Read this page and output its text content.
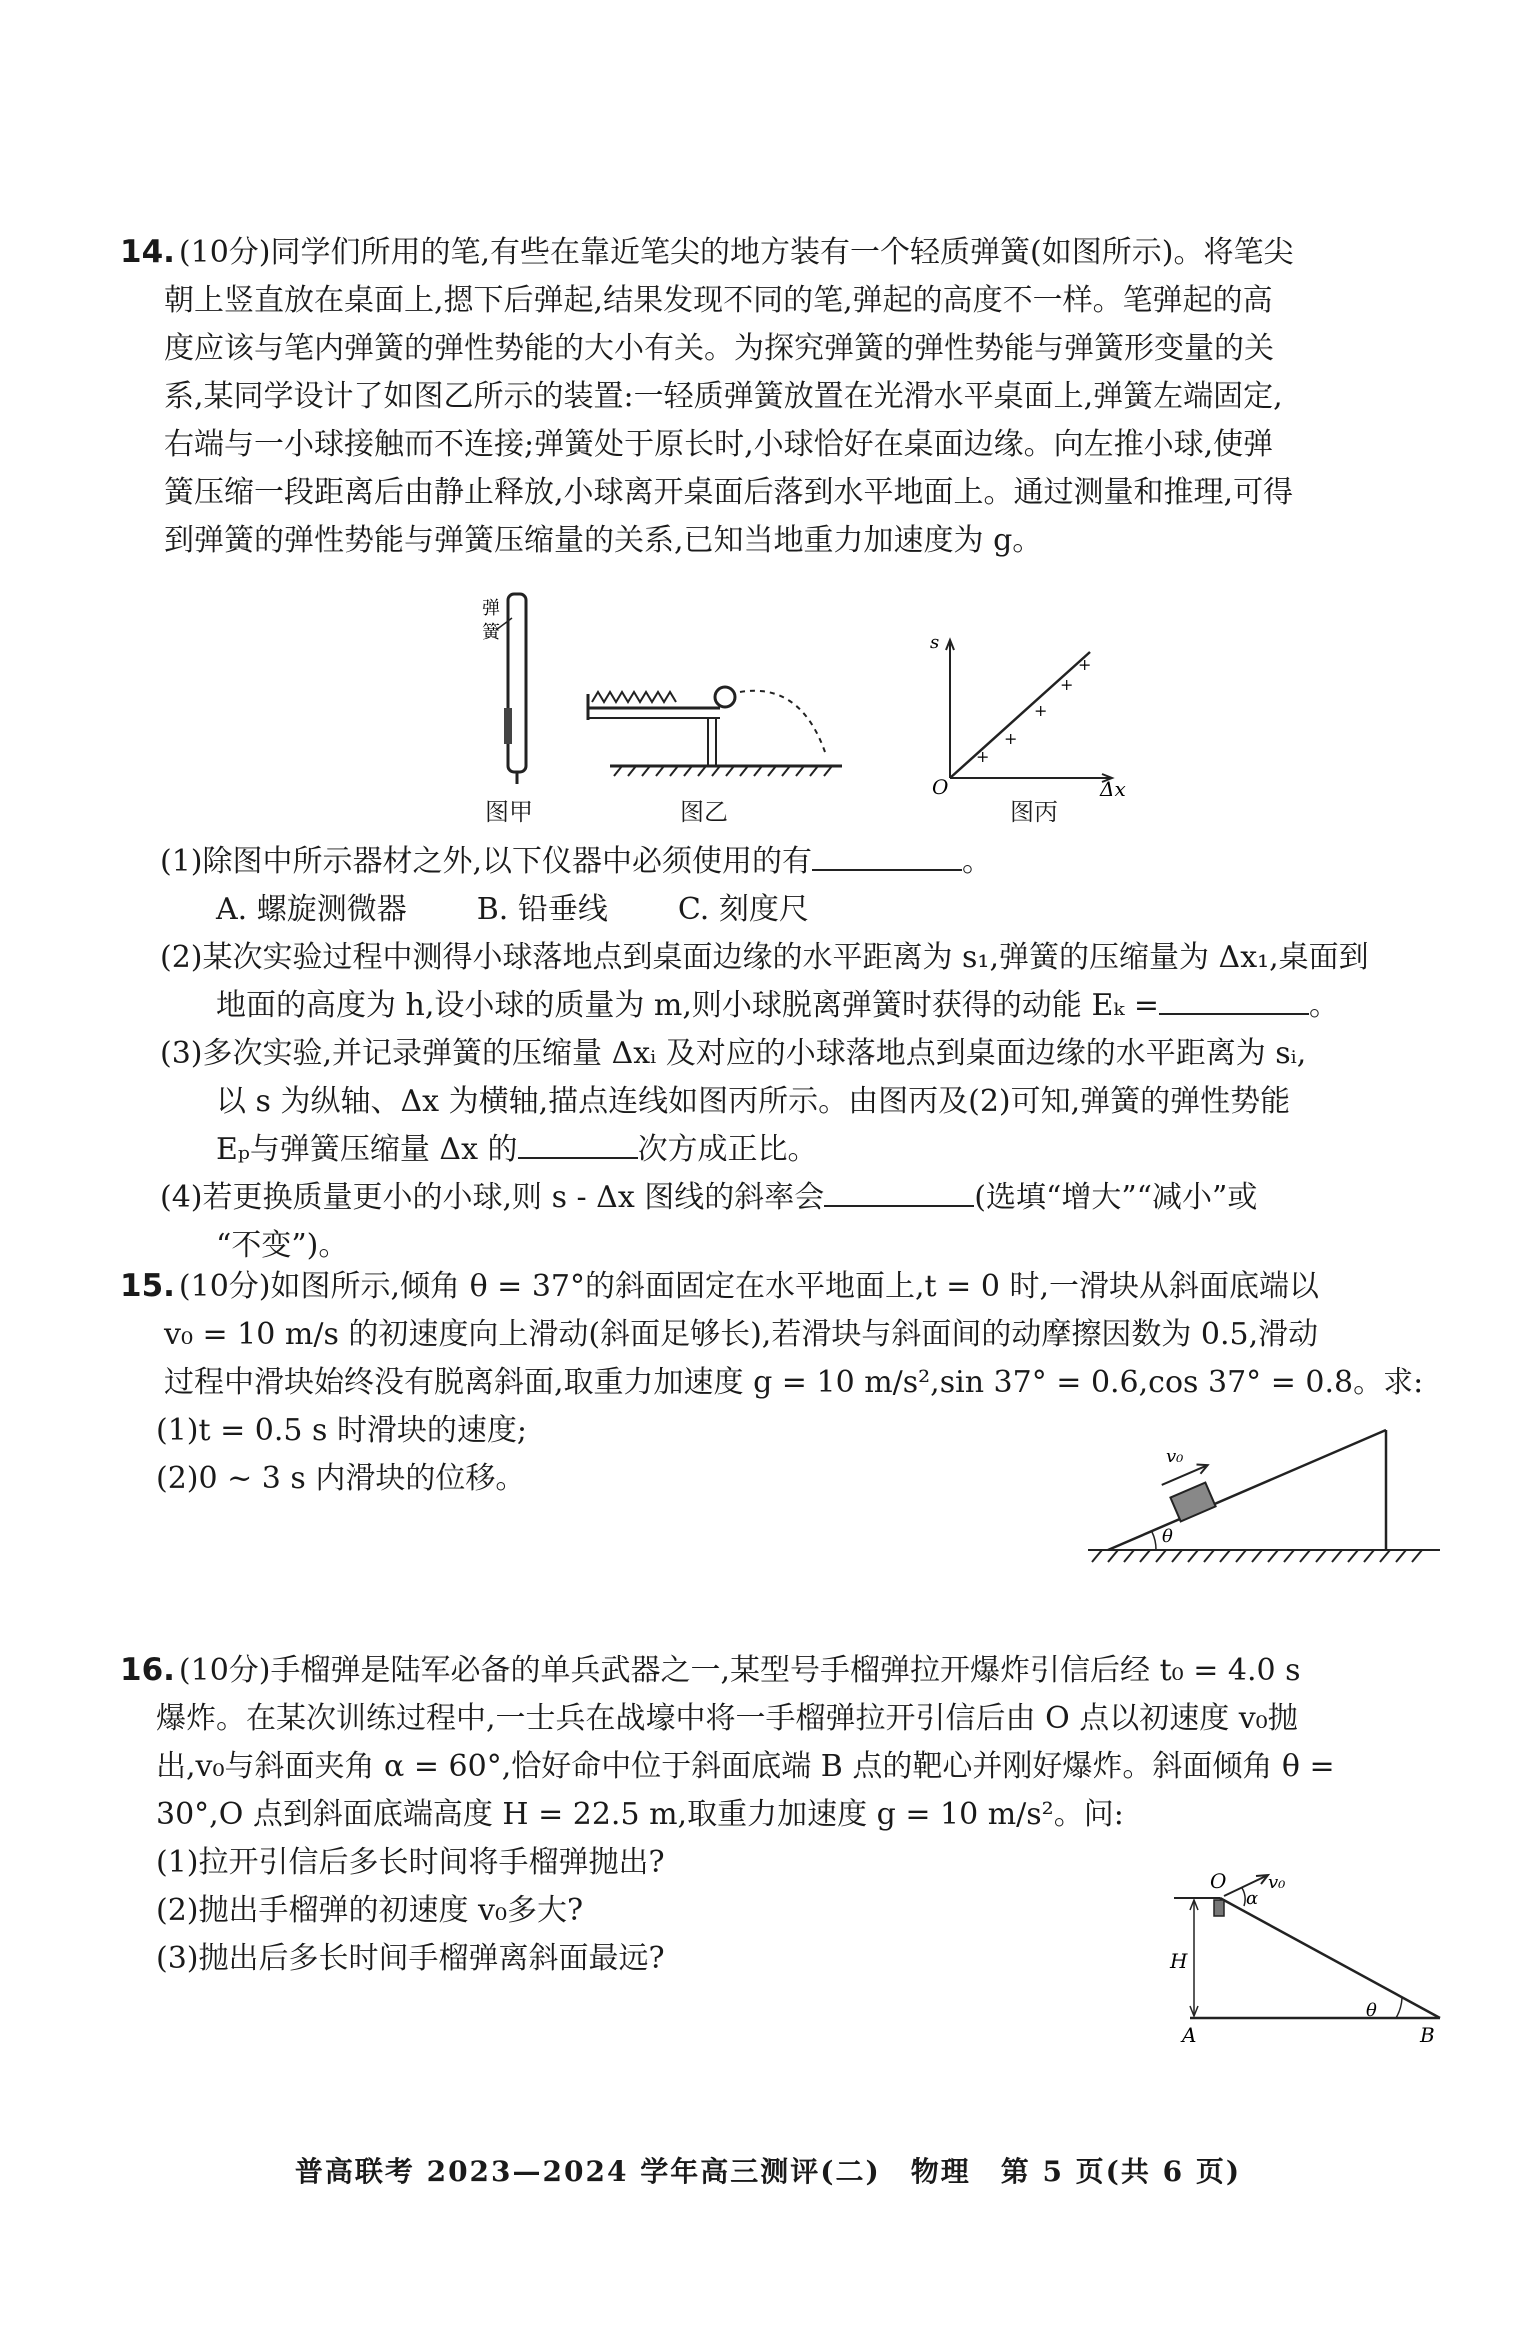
14. (10分)同学们所用的笔,有些在靠近笔尖的地方装有一个轻质弹簧(如图所示)。将笔尖
朝上竖直放在桌面上,摁下后弹起,结果发现不同的笔,弹起的高度不一样。笔弹起的高
度应该与笔内弹簧的弹性势能的大小有关。为探究弹簧的弹性势能与弹簧形变量的关
系,某同学设计了如图乙所示的装置:一轻质弹簧放置在光滑水平桌面上,弹簧左端固定,
右端与一小球接触而不连接;弹簧处于原长时,小球恰好在桌面边缘。向左推小球,使弹
簧压缩一段距离后由静止释放,小球离开桌面后落到水平地面上。通过测量和推理,可得
到弹簧的弹性势能与弹簧压缩量的关系,已知当地重力加速度为 g。
弹
簧
图甲	图乙
+
+
+
+
+
s
O	Δx
图丙
(1)除图中所示器材之外,以下仪器中必须使用的有	。
A. 螺旋测微器 B. 铅垂线 C. 刻度尺
(2)某次实验过程中测得小球落地点到桌面边缘的水平距离为 s₁,弹簧的压缩量为 Δx₁,桌面到
地面的高度为 h,设小球的质量为 m,则小球脱离弹簧时获得的动能 Eₖ =	。
(3)多次实验,并记录弹簧的压缩量 Δxᵢ 及对应的小球落地点到桌面边缘的水平距离为 sᵢ,
以 s 为纵轴、Δx 为横轴,描点连线如图丙所示。由图丙及(2)可知,弹簧的弹性势能
Eₚ与弹簧压缩量 Δx 的	次方成正比。
(4)若更换质量更小的小球,则 s - Δx 图线的斜率会	(选填“增大”“减小”或
“不变”)。
15. (10分)如图所示,倾角 θ = 37°的斜面固定在水平地面上,t = 0 时,一滑块从斜面底端以
v₀ = 10 m/s 的初速度向上滑动(斜面足够长),若滑块与斜面间的动摩擦因数为 0.5,滑动
过程中滑块始终没有脱离斜面,取重力加速度 g = 10 m/s²,sin 37° = 0.6,cos 37° = 0.8。求:
(1)t = 0.5 s 时滑块的速度;
(2)0 ~ 3 s 内滑块的位移。
v₀
θ
16. (10分)手榴弹是陆军必备的单兵武器之一,某型号手榴弹拉开爆炸引信后经 t₀ = 4.0 s
爆炸。在某次训练过程中,一士兵在战壕中将一手榴弹拉开引信后由 O 点以初速度 v₀抛
出,v₀与斜面夹角 α = 60°,恰好命中位于斜面底端 B 点的靶心并刚好爆炸。斜面倾角 θ =
30°,O 点到斜面底端高度 H = 22.5 m,取重力加速度 g = 10 m/s²。问:
(1)拉开引信后多长时间将手榴弹抛出?
(2)抛出手榴弹的初速度 v₀多大?
(3)抛出后多长时间手榴弹离斜面最远?
O v₀
α
H
θ
A	B
普高联考 2023—2024 学年高三测评(二)　物理　第 5 页(共 6 页)
